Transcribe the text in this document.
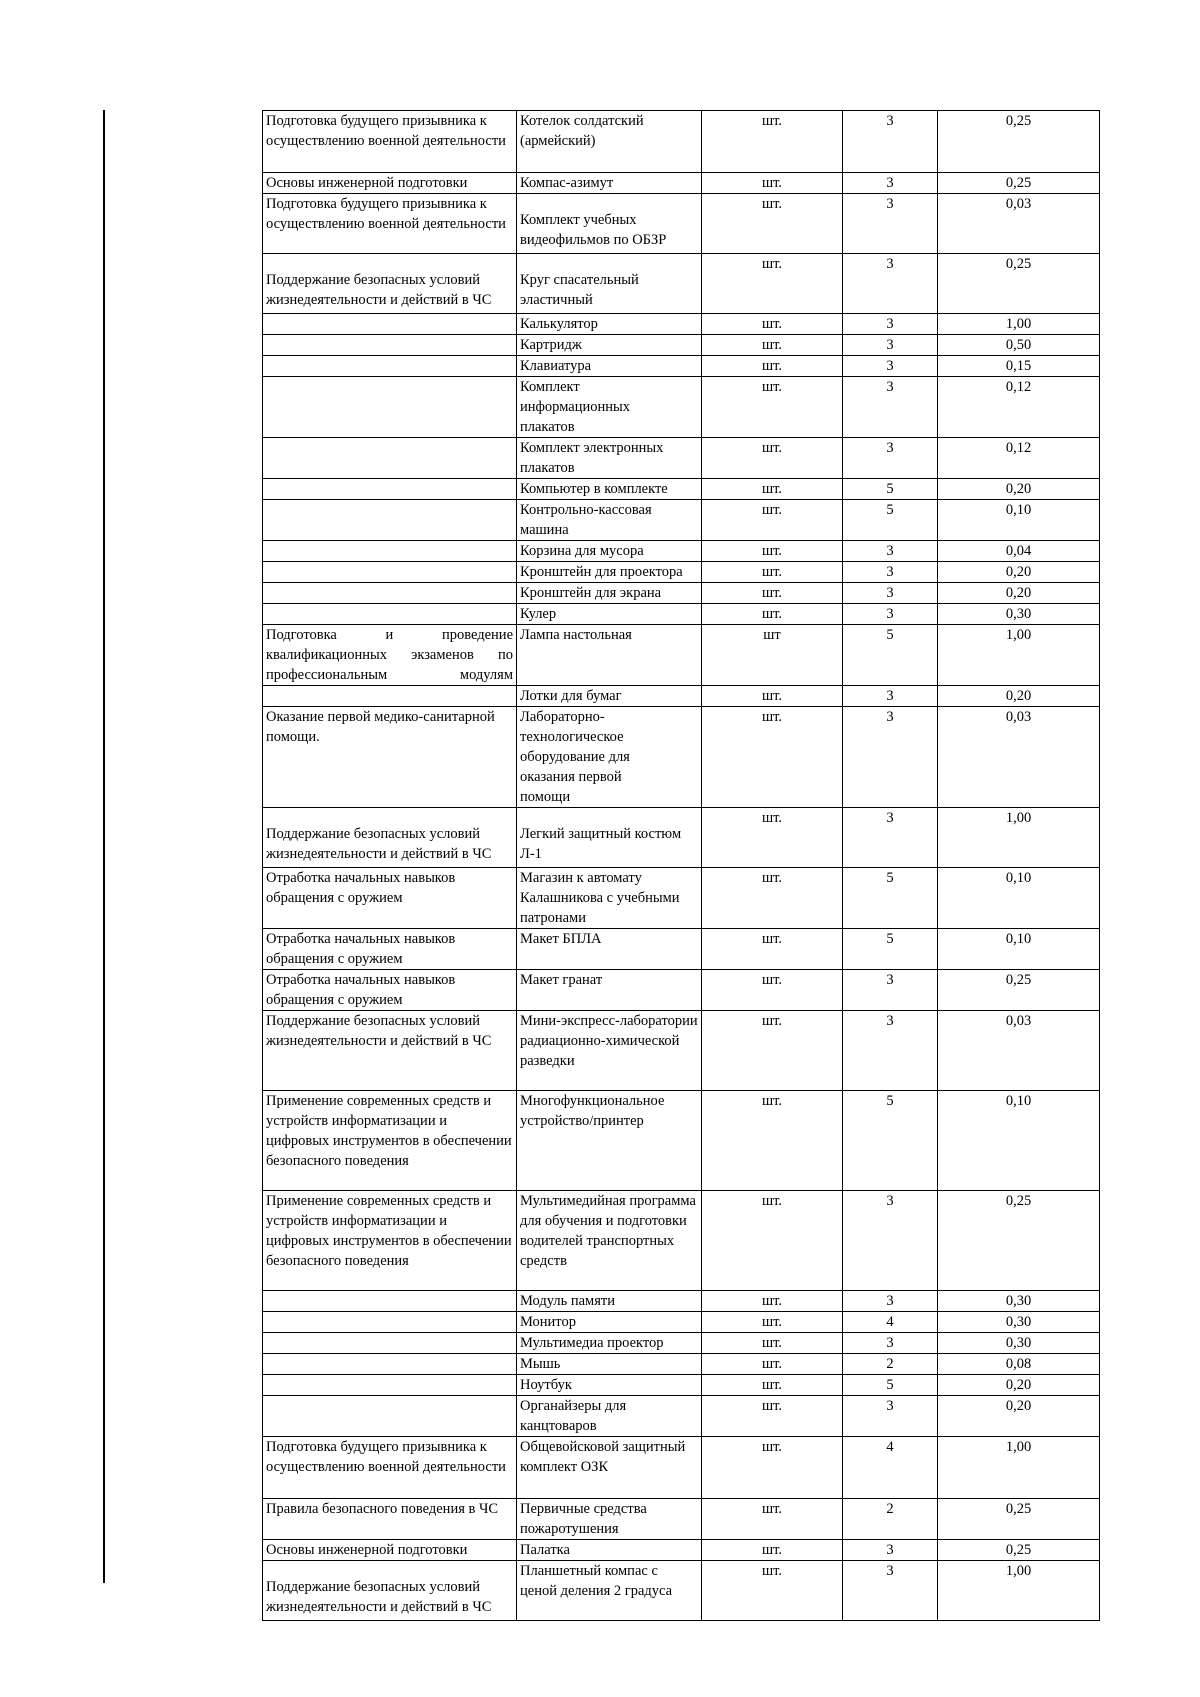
Подготовка будущего призывника к осуществлению военной деятельности	Котелок солдатский (армейский)	шт.	3	0,25
Основы инженерной подготовки	Компас-азимут	шт.	3	0,25
Подготовка будущего призывника к осуществлению военной деятельности	Комплект учебных видеофильмов по ОБЗР	шт.	3	0,03
Поддержание безопасных условий жизнедеятельности и действий в ЧС	Круг спасательный эластичный	шт.	3	0,25
	Калькулятор	шт.	3	1,00
	Картридж	шт.	3	0,50
	Клавиатура	шт.	3	0,15
	Комплект информационных плакатов	шт.	3	0,12
	Комплект электронных плакатов	шт.	3	0,12
	Компьютер в комплекте	шт.	5	0,20
	Контрольно-кассовая машина	шт.	5	0,10
	Корзина для мусора	шт.	3	0,04
	Кронштейн для проектора	шт.	3	0,20
	Кронштейн для экрана	шт.	3	0,20
	Кулер	шт.	3	0,30
Подготовка и проведение квалификационных экзаменов по профессиональным модулям	Лампа настольная	шт	5	1,00
	Лотки для бумаг	шт.	3	0,20
Оказание первой медико-санитарной помощи.	Лабораторно-технологическое оборудование для оказания первой помощи	шт.	3	0,03
Поддержание безопасных условий жизнедеятельности и действий в ЧС	Легкий защитный костюм Л-1	шт.	3	1,00
Отработка начальных навыков обращения с оружием	Магазин к автомату Калашникова с учебными патронами	шт.	5	0,10
Отработка начальных навыков обращения с оружием	Макет БПЛА	шт.	5	0,10
Отработка начальных навыков обращения с оружием	Макет гранат	шт.	3	0,25
Поддержание безопасных условий жизнедеятельности и действий в ЧС	Мини-экспресс-лаборатории радиационно-химической разведки	шт.	3	0,03
Применение современных средств и устройств информатизации и цифровых инструментов в обеспечении безопасного поведения	Многофункциональное устройство/принтер	шт.	5	0,10
Применение современных средств и устройств информатизации и цифровых инструментов в обеспечении безопасного поведения	Мультимедийная программа для обучения и подготовки водителей транспортных средств	шт.	3	0,25
	Модуль памяти	шт.	3	0,30
	Монитор	шт.	4	0,30
	Мультимедиа проектор	шт.	3	0,30
	Мышь	шт.	2	0,08
	Ноутбук	шт.	5	0,20
	Органайзеры для канцтоваров	шт.	3	0,20
Подготовка будущего призывника к осуществлению военной деятельности	Общевойсковой защитный комплект ОЗК	шт.	4	1,00
Правила безопасного поведения в ЧС	Первичные средства пожаротушения	шт.	2	0,25
Основы инженерной подготовки	Палатка	шт.	3	0,25
Поддержание безопасных условий жизнедеятельности и действий в ЧС	Планшетный компас с ценой деления 2 градуса	шт.	3	1,00
